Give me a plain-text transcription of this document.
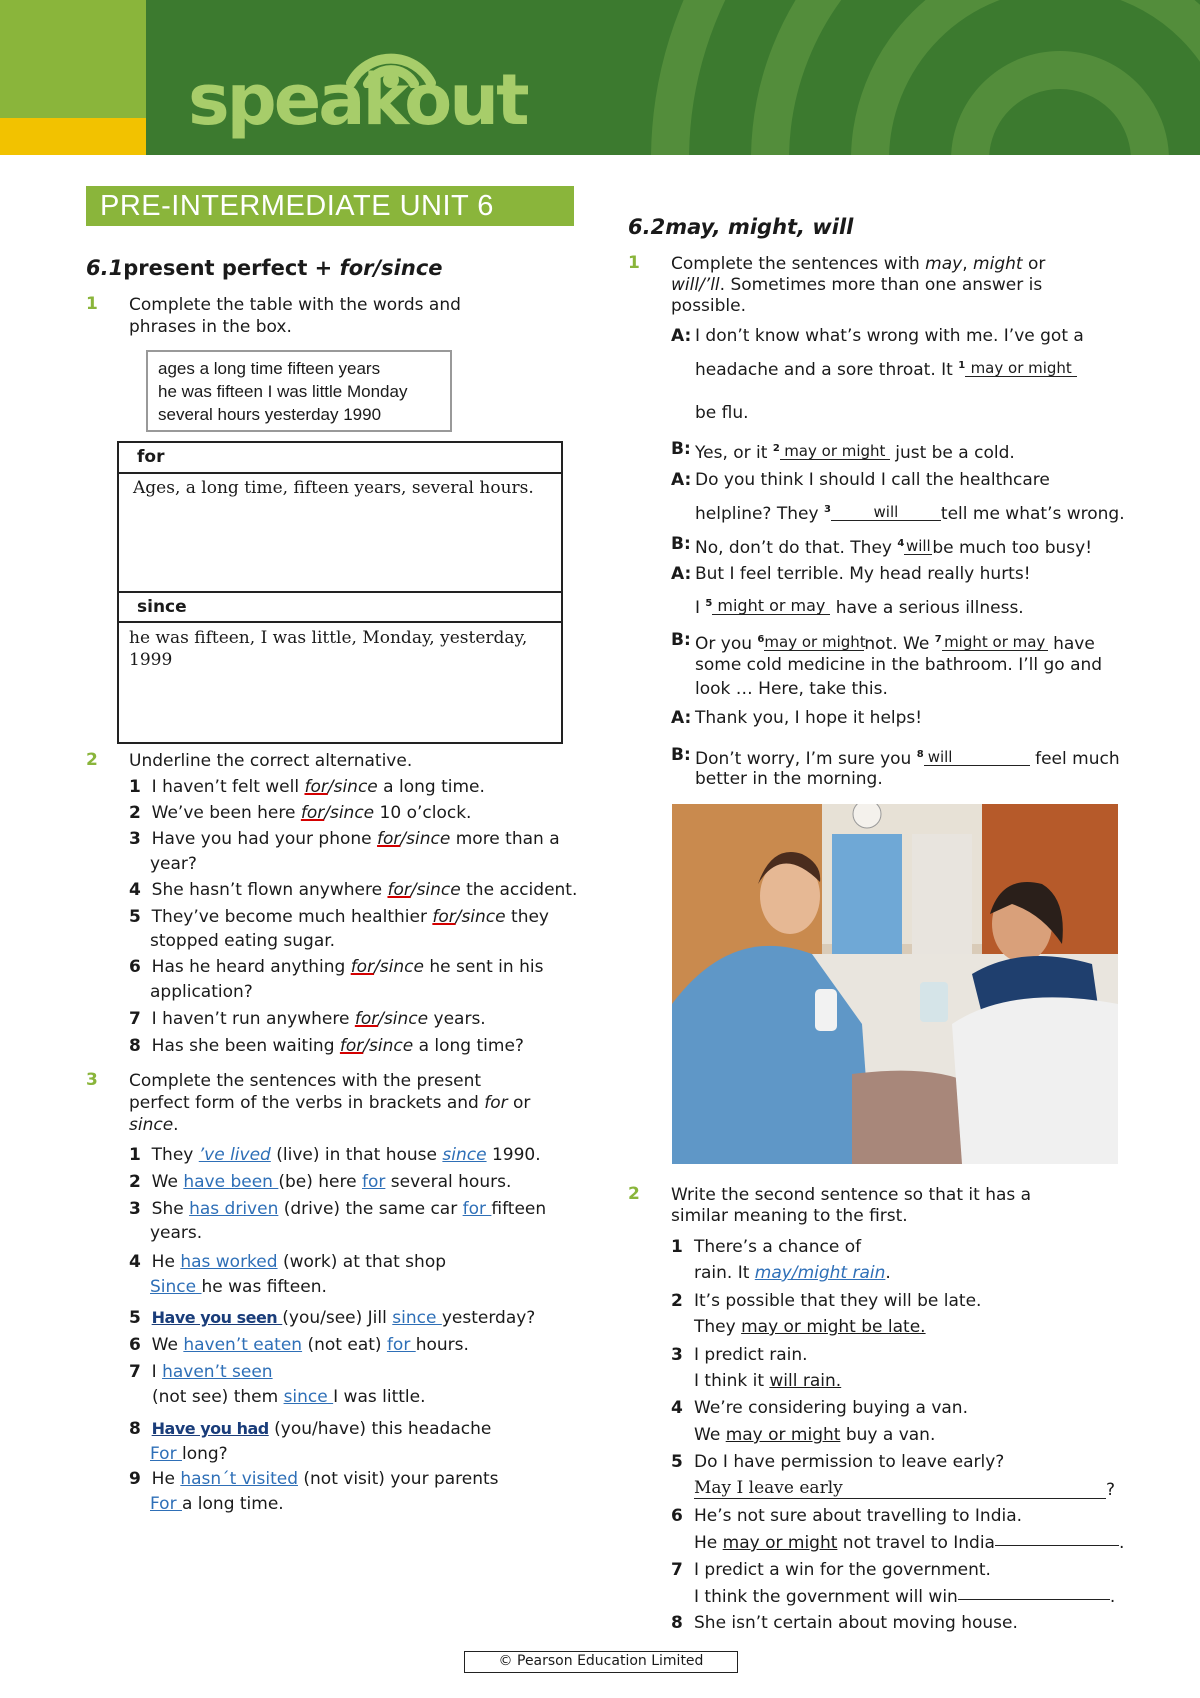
speakout
PRE-INTERMEDIATE UNIT 6
6.1present perfect + for/since
1 Complete the table with the words and
phrases in the box.
ages a long time fifteen years
he was fifteen I was little Monday
several hours yesterday 1990
for
Ages, a long time, fifteen years, several hours.
since
he was fifteen, I was little, Monday, yesterday,
1999
2 Underline the correct alternative.
1 I haven’t felt well for/since a long time.
2 We’ve been here for/since 10 o’clock.
3 Have you had your phone for/since more than a
year?
4 She hasn’t flown anywhere for/since the accident.
5 They’ve become much healthier for/since they
stopped eating sugar.
6 Has he heard anything for/since he sent in his
application?
7 I haven’t run anywhere for/since years.
8 Has she been waiting for/since a long time?
3 Complete the sentences with the present
perfect form of the verbs in brackets and for or
since.
1 They ’ve lived (live) in that house since 1990.
2 We have been (be) here for several hours.
3 She has driven (drive) the same car for fifteen
years.
4 He has worked (work) at that shop
Since he was fifteen.
5 Have you seen (you/see) Jill since yesterday?
6 We haven’t eaten (not eat) for hours.
7 I haven’t seen
(not see) them since I was little.
8 Have you had (you/have) this headache
For long?
9 He hasn´t visited (not visit) your parents
For a long time.
6.2may, might, will
1 Complete the sentences with may, might or
will/’ll. Sometimes more than one answer is
possible.
A: I don’t know what’s wrong with me. I’ve got a
headache and a sore throat. It $^1$ may or might
be flu.
B: Yes, or it $^2$ may or might just be a cold.
A: Do you think I should I call the healthcare
helpline? They $^3$	will	tell me what’s wrong.
B: No, don’t do that. They $^4$ willbe much too busy!
A: But I feel terrible. My head really hurts!
I $^5$ might or may have a serious illness.
B: Or you $^6$may or mightnot. We $^7$ might or may have
some cold medicine in the bathroom. I’ll go and
look … Here, take this.
A: Thank you, I hope it helps!
B: Don’t worry, I’m sure you $^8$ will	feel much
better in the morning.
2 Write the second sentence so that it has a
similar meaning to the first.
1 There’s a chance of
rain. It may/might rain.
2 It’s possible that they will be late.
They may or might be late.
3 I predict rain.
I think it will rain.
4 We’re considering buying a van.
We may or might buy a van.
5 Do I have permission to leave early?
May I leave early	?
6 He’s not sure about travelling to India.
He may or might not travel to India	.
7 I predict a win for the government.
I think the government will win	.
8 She isn’t certain about moving house.
© Pearson Education Limited
